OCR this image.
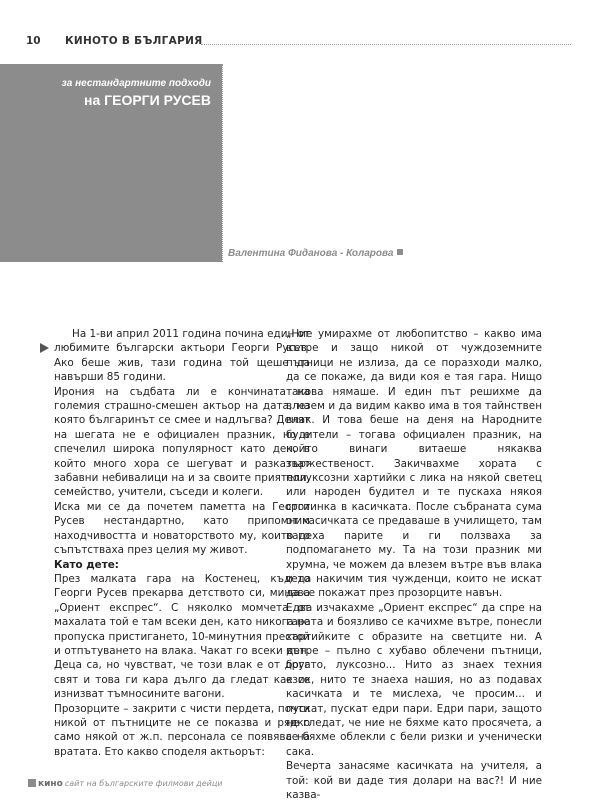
10 КИНОТО В БЪЛГАРИЯ
за нестандартните подходи
на ГЕОРГИ РУСЕВ
Валентина Фиданова - Коларова

На 1-ви април 2011 година почина един от любимите български актьори Георги Русев. Ако беше жив, тази година той щеше да навърши 85 години.

Ирония на съдбата ли е кончината на големия страшно-смешен актьор на дата, на която българинът се смее и надлъгва? Денят на шегата не е официален празник, но е спечелил широка популярност като ден, в който много хора се шегуват и разказват забавни небивалици на и за своите приятели, семейство, учители, съседи и колеги.

Искa ми се да почетем паметта на Георги Русев нестандартно, като припомним находчивостта и новаторството му, които го съпътстваха през целия му живот.

Като дете:

През малката гара на Костенец, където Георги Русев прекарва детството си, минава „Ориент експрес“. С няколко момчета от махалата той е там всеки ден, като никога не пропуска пристигането, 10-минутния престой и отпътуването на влака. Чакат го всеки ден. Деца са, но чувстват, че този влак е от друг свят и това ги кара дълго да гледат как се изнизват тъмносините вагони.

Прозорците – закрити с чисти пердета, почти никой от пътниците не се показва и рядко само някой от ж.п. персонала се появява на вратата. Ето какво споделя актьорът:

„Ние умирахме от любопитство – какво има вътре и защо никой от чуждоземните пътници не излиза, да се поразходи малко, да се покаже, да види коя е тая гара. Нищо такова нямаше. И един път решихме да влезем и да видим какво има в тоя тайнствен влак. И това беше на деня на Народните будители – тогава официален празник, на който винаги витаеше някаква тържественост. Закичвахме хората с полуксозни хартийки с лика на някой светец или народен будител и те пускаха някоя стотинка в касичката. После събраната сума от касичката се предаваше в училището, там вадеха парите и ги ползваха за подпомагането му. Та на този празник ми хрумна, че можем да влезем вътре във влака и да накичим тия чужденци, които не искат да се покажат през прозорците навън.

Едва изчакахме „Ориент експрес“ да спре на гарата и боязливо се качихме вътре, понесли хартийките с образите на светците ни. А вътре – пълно с хубаво облечени пътници, богато, луксозно... Нито аз знаех техния език, нито те знаеха нашия, но аз подавах касичката и те мислеха, че просим... и пускат, пускат едри пари. Едри пари, защото не гледат, че ние не бяхме като просячета, а се бяхме облекли с бели ризки и ученически сака.

Вечерта занасяме касичката на учителя, а той: кой ви даде тия долари на вас?! И ние казва-

кино сайт на българските филмови дейци
